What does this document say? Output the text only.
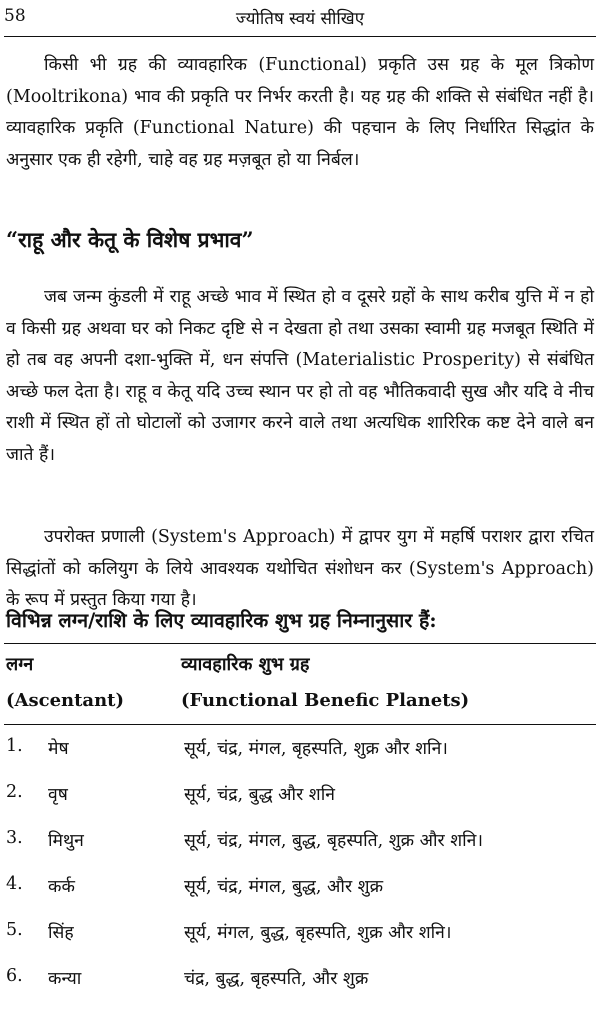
58	ज्योतिष स्वयं सीखिए

किसी भी ग्रह की व्यावहारिक (Functional) प्रकृति उस ग्रह के मूल त्रिकोण (Mooltrikona) भाव की प्रकृति पर निर्भर करती है। यह ग्रह की शक्ति से संबंधित नहीं है। व्यावहारिक प्रकृति (Functional Nature) की पहचान के लिए निर्धारित सिद्धांत के अनुसार एक ही रहेगी, चाहे वह ग्रह मज़बूत हो या निर्बल।

“राहू और केतू के विशेष प्रभाव”

जब जन्म कुंडली में राहू अच्छे भाव में स्थित हो व दूसरे ग्रहों के साथ करीब युत्ति में न हो व किसी ग्रह अथवा घर को निकट दृष्टि से न देखता हो तथा उसका स्वामी ग्रह मजबूत स्थिति में हो तब वह अपनी दशा-भुक्ति में, धन संपत्ति (Materialistic Prosperity) से संबंधित अच्छे फल देता है। राहू व केतू यदि उच्च स्थान पर हो तो वह भौतिकवादी सुख और यदि वे नीच राशी में स्थित हों तो घोटालों को उजागर करने वाले तथा अत्यधिक शारिरिक कष्ट देने वाले बन जाते हैं।

उपरोक्त प्रणाली (System's Approach) में द्वापर युग में महर्षि पराशर द्वारा रचित सिद्धांतों को कलियुग के लिये आवश्यक यथोचित संशोधन कर (System's Approach) के रूप में प्रस्तुत किया गया है।

विभिन्न लग्न/राशि के लिए व्यावहारिक शुभ ग्रह निम्नानुसार हैं:
लग्न	व्यावहारिक शुभ ग्रह
(Ascentant)	(Functional Benefic Planets)
1. मेष	सूर्य, चंद्र, मंगल, बृहस्पति, शुक्र और शनि।
2. वृष	सूर्य, चंद्र, बुद्ध और शनि
3. मिथुन	सूर्य, चंद्र, मंगल, बुद्ध, बृहस्पति, शुक्र और शनि।
4. कर्क	सूर्य, चंद्र, मंगल, बुद्ध, और शुक्र
5. सिंह	सूर्य, मंगल, बुद्ध, बृहस्पति, शुक्र और शनि।
6. कन्या	चंद्र, बुद्ध, बृहस्पति, और शुक्र
